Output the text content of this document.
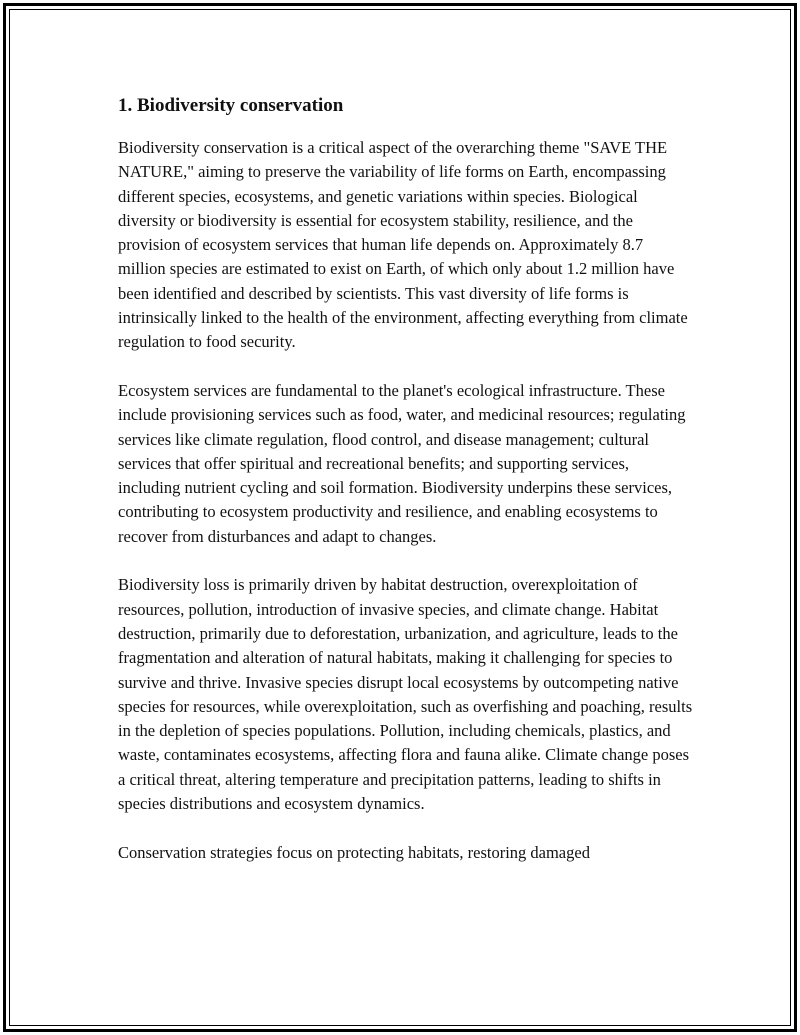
1. Biodiversity conservation

Biodiversity conservation is a critical aspect of the overarching theme "SAVE THE NATURE," aiming to preserve the variability of life forms on Earth, encompassing different species, ecosystems, and genetic variations within species. Biological diversity or biodiversity is essential for ecosystem stability, resilience, and the provision of ecosystem services that human life depends on. Approximately 8.7 million species are estimated to exist on Earth, of which only about 1.2 million have been identified and described by scientists. This vast diversity of life forms is intrinsically linked to the health of the environment, affecting everything from climate regulation to food security.

Ecosystem services are fundamental to the planet's ecological infrastructure. These include provisioning services such as food, water, and medicinal resources; regulating services like climate regulation, flood control, and disease management; cultural services that offer spiritual and recreational benefits; and supporting services, including nutrient cycling and soil formation. Biodiversity underpins these services, contributing to ecosystem productivity and resilience, and enabling ecosystems to recover from disturbances and adapt to changes.

Biodiversity loss is primarily driven by habitat destruction, overexploitation of resources, pollution, introduction of invasive species, and climate change. Habitat destruction, primarily due to deforestation, urbanization, and agriculture, leads to the fragmentation and alteration of natural habitats, making it challenging for species to survive and thrive. Invasive species disrupt local ecosystems by outcompeting native species for resources, while overexploitation, such as overfishing and poaching, results in the depletion of species populations. Pollution, including chemicals, plastics, and waste, contaminates ecosystems, affecting flora and fauna alike. Climate change poses a critical threat, altering temperature and precipitation patterns, leading to shifts in species distributions and ecosystem dynamics.

Conservation strategies focus on protecting habitats, restoring damaged
